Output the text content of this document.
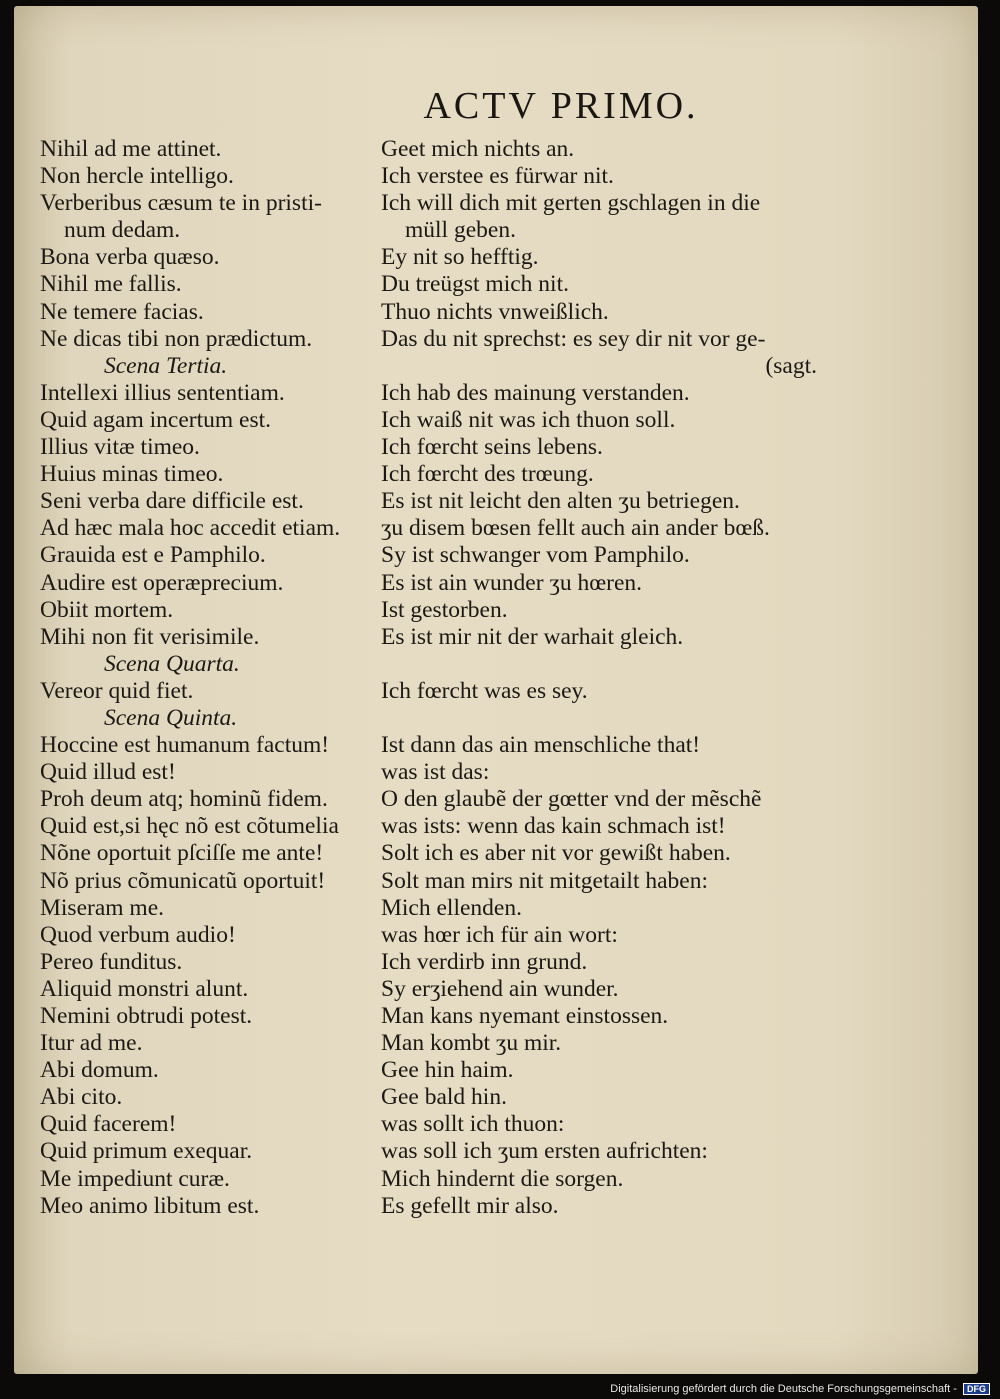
ACTV PRIMO.
Nihil ad me attinet.
Non hercle intelligo.
Verberibus cæsum te in pristi-
num dedam.
Bona verba quæso.
Nihil me fallis.
Ne temere facias.
Ne dicas tibi non prædictum.
Scena Tertia.
Intellexi illius sententiam.
Quid agam incertum est.
Illius vitæ timeo.
Huius minas timeo.
Seni verba dare difficile est.
Ad hæc mala hoc accedit etiam.
Grauida est e Pamphilo.
Audire est operæprecium.
Obiit mortem.
Mihi non fit verisimile.
Scena Quarta.
Vereor quid fiet.
Scena Quinta.
Hoccine est humanum factum!
Quid illud est!
Proh deum atq; hominũ fidem.
Quid est,si hęc nõ est cõtumelia
Nõne oportuit pſciſſe me ante!
Nõ prius cõmunicatũ oportuit!
Miseram me.
Quod verbum audio!
Pereo funditus.
Aliquid monstri alunt.
Nemini obtrudi potest.
Itur ad me.
Abi domum.
Abi cito.
Quid facerem!
Quid primum exequar.
Me impediunt curæ.
Meo animo libitum est.
Geet mich nichts an.
Ich verstee es fürwar nit.
Ich will dich mit gerten gschlagen in die
müll geben.
Ey nit so hefftig.
Du treügst mich nit.
Thuo nichts vnweißlich.
Das du nit sprechst: es sey dir nit vor ge-
(sagt.
Ich hab des mainung verstanden.
Ich waiß nit was ich thuon soll.
Ich fœrcht seins lebens.
Ich fœrcht des trœung.
Es ist nit leicht den alten ʒu betriegen.
ʒu disem bœsen fellt auch ain ander bœß.
Sy ist schwanger vom Pamphilo.
Es ist ain wunder ʒu hœren.
Ist gestorben.
Es ist mir nit der warhait gleich.
Ich fœrcht was es sey.
Ist dann das ain menschliche that!
was ist das:
O den glaubẽ der gœtter vnd der mẽschẽ
was ists: wenn das kain schmach ist!
Solt ich es aber nit vor gewißt haben.
Solt man mirs nit mitgetailt haben:
Mich ellenden.
was hœr ich für ain wort:
Ich verdirb inn grund.
Sy erʒiehend ain wunder.
Man kans nyemant einstossen.
Man kombt ʒu mir.
Gee hin haim.
Gee bald hin.
was sollt ich thuon:
was soll ich ʒum ersten aufrichten:
Mich hindernt die sorgen.
Es gefellt mir also.
Digitalisierung gefördert durch die Deutsche Forschungsgemeinschaft - DFG
